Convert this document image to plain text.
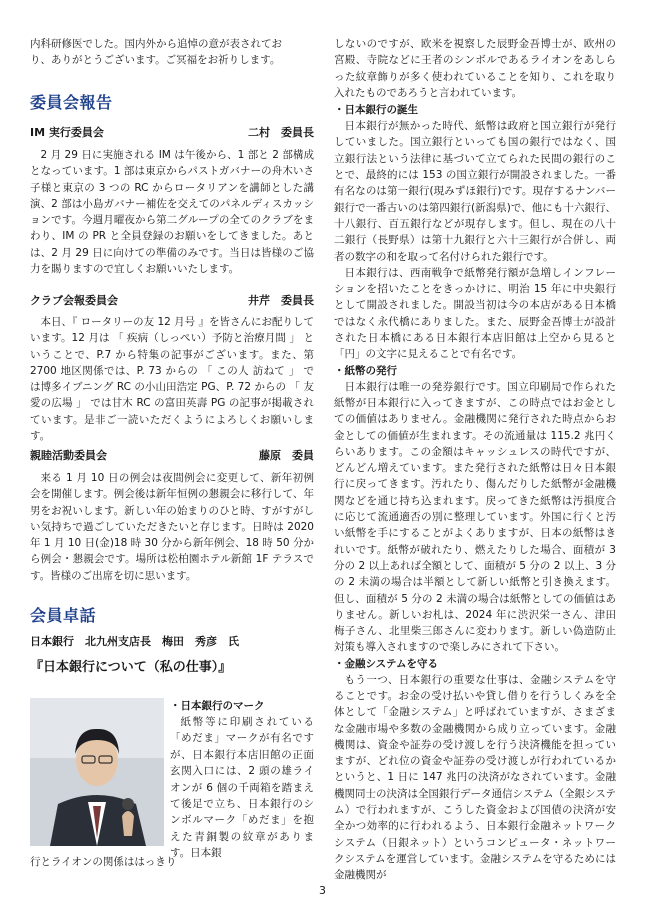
内科研修医でした。国内外から追悼の意が表されてお

り、ありがとうございます。ご冥福をお祈りします。

委員会報告
IM 実行委員会	二村　委員長

2 月 29 日に実施される IM は午後から、1 部と 2 部構成となっています。1 部は東京からパストガバナーの舟木いさ子様と東京の 3 つの RC からロータリアンを講師とした講演、2 部は小島ガバナー補佐を交えてのパネルディスカッションです。今週月曜夜から第二グループの全てのクラブをまわり、IM の PR と全員登録のお願いをしてきました。あとは、2 月 29 日に向けての準備のみです。当日は皆様のご協力を賜りますので宜しくお願いいたします。

クラブ会報委員会	井芹　委員長

本日、『 ロータリーの友 12 月号 』を皆さんにお配りしています。12 月は 「 疾病（しっぺい）予防と治療月間 」 ということで、P.7 から特集の記事がございます。また、第 2700 地区関係では、P. 73 からの 「 この人 訪ねて 」 では博多イブニング RC の小山田浩定 PG、P. 72 からの 「 友愛の広場 」 では甘木 RC の富田英壽 PG の記事が掲載されています。是非ご一読いただくようによろしくお願いします。

親睦活動委員会	藤原　委員

来る 1 月 10 日の例会は夜間例会に変更して、新年初例会を開催します。例会後は新年恒例の懇親会に移行して、年男をお祝いします。新しい年の始まりのひと時、すがすがしい気持ちで過ごしていただきたいと存じます。日時は 2020 年 1 月 10 日(金)18 時 30 分から新年例会、18 時 50 分から例会・懇親会です。場所は松柏園ホテル新館 1F テラスです。皆様のご出席を切に思います。

会員卓話

日本銀行　北九州支店長　梅田　秀彦　氏

『日本銀行について（私の仕事）』

・日本銀行のマーク

紙幣等に印刷されている「めだま」マークが有名ですが、日本銀行本店旧館の正面玄関入口には、2 頭の雄ライオンが 6 個の千両箱を踏まえて後足で立ち、日本銀行のシンボルマーク「めだま」を抱えた青銅製の紋章があります。日本銀

行とライオンの関係ははっきり

しないのですが、欧米を視察した辰野金吾博士が、欧州の宮殿、寺院などに王者のシンボルであるライオンをあしらった紋章飾りが多く使われていることを知り、これを取り入れたものであろうと言われています。

・日本銀行の誕生

日本銀行が無かった時代、紙幣は政府と国立銀行が発行していました。国立銀行といっても国の銀行ではなく、国立銀行法という法律に基づいて立てられた民間の銀行のことで、最終的には 153 の国立銀行が開設されました。一番有名なのは第一銀行(現みずほ銀行)です。現存するナンバー銀行で一番古いのは第四銀行(新潟県)で、他にも十六銀行、十八銀行、百五銀行などが現存します。但し、現在の八十二銀行（長野県）は第十九銀行と六十三銀行が合併し、両者の数字の和を取って名付けられた銀行です。

日本銀行は、西南戦争で紙幣発行額が急増しインフレーションを招いたことをきっかけに、明治 15 年に中央銀行として開設されました。開設当初は今の本店がある日本橋ではなく永代橋にありました。また、辰野金吾博士が設計された日本橋にある日本銀行本店旧館は上空から見ると「円」の文字に見えることで有名です。

・紙幣の発行

日本銀行は唯一の発券銀行です。国立印刷局で作られた紙幣が日本銀行に入ってきますが、この時点ではお金としての価値はありません。金融機関に発行された時点からお金としての価値が生まれます。その流通量は 115.2 兆円くらいあります。この金額はキャッシュレスの時代ですが、どんどん増えています。また発行された紙幣は日々日本銀行に戻ってきます。汚れたり、傷んだりした紙幣が金融機関などを通じ持ち込まれます。戻ってきた紙幣は汚損度合に応じて流通適否の別に整理しています。外国に行くと汚い紙幣を手にすることがよくありますが、日本の紙幣はきれいです。紙幣が破れたり、燃えたりした場合、面積が 3 分の 2 以上あれば全額として、面積が 5 分の 2 以上、3 分の 2 未満の場合は半額として新しい紙幣と引き換えます。但し、面積が 5 分の 2 未満の場合は紙幣としての価値はありません。新しいお札は、2024 年に渋沢栄一さん、津田梅子さん、北里柴三郎さんに変わります。新しい偽造防止対策も導入されますので楽しみにされて下さい。

・金融システムを守る

もう一つ、日本銀行の重要な仕事は、金融システムを守ることです。お金の受け払いや貸し借りを行うしくみを全体として「金融システム」と呼ばれていますが、さまざまな金融市場や多数の金融機関から成り立っています。金融機関は、資金や証券の受け渡しを行う決済機能を担っていますが、どれ位の資金や証券の受け渡しが行われているかというと、1 日に 147 兆円の決済がなされています。金融機関同士の決済は全国銀行データ通信システム（全銀システム）で行われますが、こうした資金および国債の決済が安全かつ効率的に行われるよう、日本銀行金融ネットワークシステム（日銀ネット）というコンピュータ・ネットワークシステムを運営しています。金融システムを守るためには金融機関が

3
